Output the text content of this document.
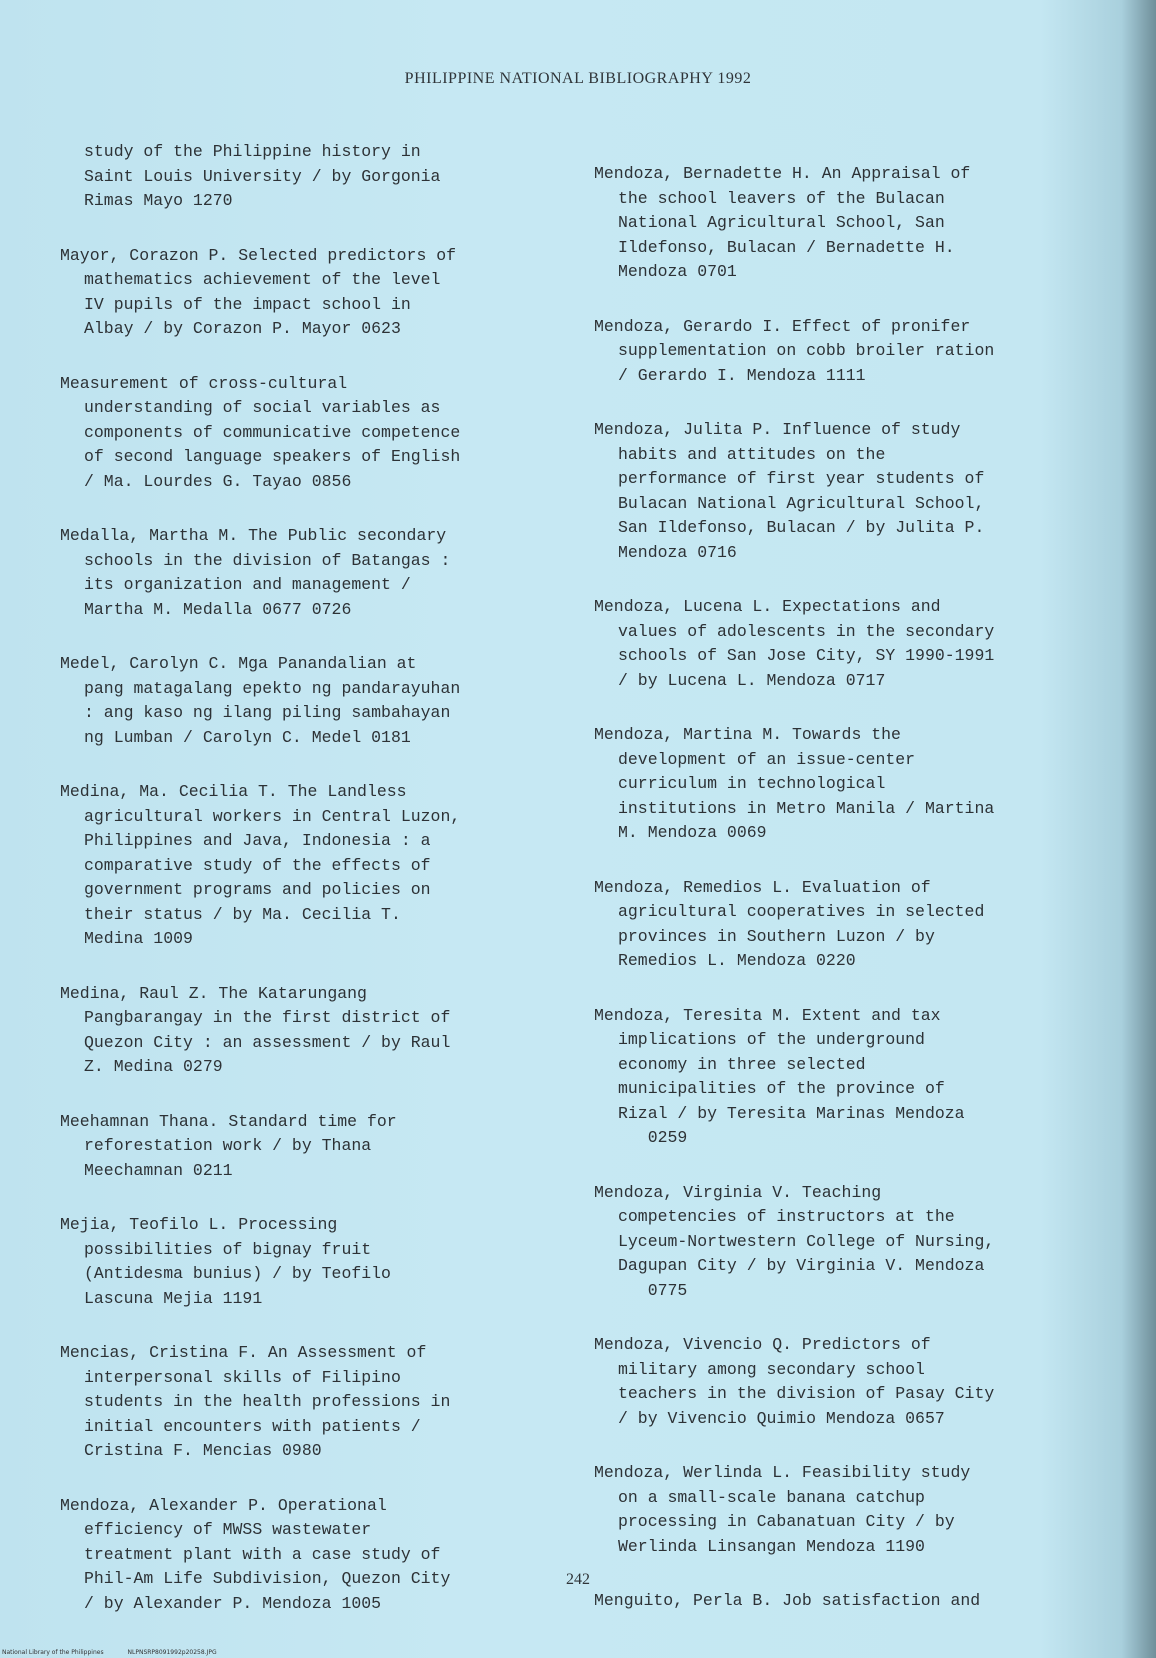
PHILIPPINE NATIONAL BIBLIOGRAPHY 1992
study of the Philippine history in
Saint Louis University / by Gorgonia
Rimas Mayo 1270
Mayor, Corazon P. Selected predictors of
mathematics achievement of the level
IV pupils of the impact school in
Albay / by Corazon P. Mayor 0623
Measurement of cross-cultural
understanding of social variables as
components of communicative competence
of second language speakers of English
/ Ma. Lourdes G. Tayao 0856
Medalla, Martha M. The Public secondary
schools in the division of Batangas :
its organization and management /
Martha M. Medalla 0677 0726
Medel, Carolyn C. Mga Panandalian at
pang matagalang epekto ng pandarayuhan
: ang kaso ng ilang piling sambahayan
ng Lumban / Carolyn C. Medel 0181
Medina, Ma. Cecilia T. The Landless
agricultural workers in Central Luzon,
Philippines and Java, Indonesia : a
comparative study of the effects of
government programs and policies on
their status / by Ma. Cecilia T.
Medina 1009
Medina, Raul Z. The Katarungang
Pangbarangay in the first district of
Quezon City : an assessment / by Raul
Z. Medina 0279
Meehamnan Thana. Standard time for
reforestation work / by Thana
Meechamnan 0211
Mejia, Teofilo L. Processing
possibilities of bignay fruit
(Antidesma bunius) / by Teofilo
Lascuna Mejia 1191
Mencias, Cristina F. An Assessment of
interpersonal skills of Filipino
students in the health professions in
initial encounters with patients /
Cristina F. Mencias 0980
Mendoza, Alexander P. Operational
efficiency of MWSS wastewater
treatment plant with a case study of
Phil-Am Life Subdivision, Quezon City
/ by Alexander P. Mendoza 1005
Mendoza, Bernadette H. An Appraisal of
the school leavers of the Bulacan
National Agricultural School, San
Ildefonso, Bulacan / Bernadette H.
Mendoza 0701
Mendoza, Gerardo I. Effect of pronifer
supplementation on cobb broiler ration
/ Gerardo I. Mendoza 1111
Mendoza, Julita P. Influence of study
habits and attitudes on the
performance of first year students of
Bulacan National Agricultural School,
San Ildefonso, Bulacan / by Julita P.
Mendoza 0716
Mendoza, Lucena L. Expectations and
values of adolescents in the secondary
schools of San Jose City, SY 1990-1991
/ by Lucena L. Mendoza 0717
Mendoza, Martina M. Towards the
development of an issue-center
curriculum in technological
institutions in Metro Manila / Martina
M. Mendoza 0069
Mendoza, Remedios L. Evaluation of
agricultural cooperatives in selected
provinces in Southern Luzon / by
Remedios L. Mendoza 0220
Mendoza, Teresita M. Extent and tax
implications of the underground
economy in three selected
municipalities of the province of
Rizal / by Teresita Marinas Mendoza
0259
Mendoza, Virginia V. Teaching
competencies of instructors at the
Lyceum-Nortwestern College of Nursing,
Dagupan City / by Virginia V. Mendoza
0775
Mendoza, Vivencio Q. Predictors of
military among secondary school
teachers in the division of Pasay City
/ by Vivencio Quimio Mendoza 0657
Mendoza, Werlinda L. Feasibility study
on a small-scale banana catchup
processing in Cabanatuan City / by
Werlinda Linsangan Mendoza 1190
Menguito, Perla B. Job satisfaction and
242
National Library of the Philippines	NLPNSRP8091992p20258.JPG
